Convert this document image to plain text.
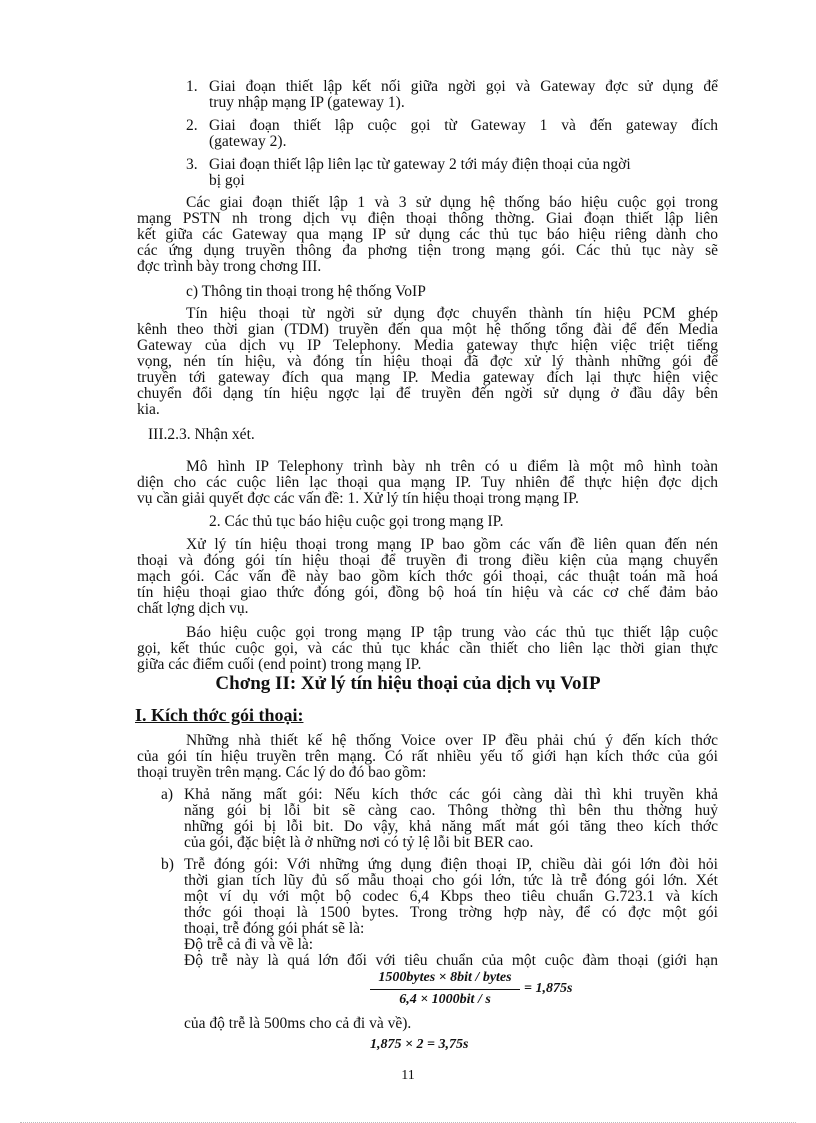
1. Giai đoạn thiết lập kết nối giữa ngời gọi và Gateway đợc sử dụng để
truy nhập mạng IP (gateway 1).
2. Giai đoạn thiết lập cuộc gọi từ Gateway 1 và đến gateway đích
(gateway 2).
3. Giai đoạn thiết lập liên lạc từ gateway 2 tới máy điện thoại của ngời
bị gọi
Các giai đoạn thiết lập 1 và 3 sử dụng hệ thống báo hiệu cuộc gọi trong
mạng PSTN nh trong dịch vụ điện thoại thông thờng. Giai đoạn thiết lập liên
kết giữa các Gateway qua mạng IP sử dụng các thủ tục báo hiệu riêng dành cho
các ứng dụng truyền thông đa phơng tiện trong mạng gói. Các thủ tục này sẽ
đợc trình bày trong chơng III.
c) Thông tin thoại trong hệ thống VoIP
Tín hiệu thoại từ ngời sử dụng đợc chuyển thành tín hiệu PCM ghép
kênh theo thời gian (TDM) truyền đến qua một hệ thống tổng đài để đến Media
Gateway của dịch vụ IP Telephony. Media gateway thực hiện việc triệt tiếng
vọng, nén tín hiệu, và đóng tín hiệu thoại đã đợc xử lý thành những gói để
truyền tới gateway đích qua mạng IP. Media gateway đích lại thực hiện việc
chuyển đổi dạng tín hiệu ngợc lại để truyền đến ngời sử dụng ở đầu dây bên
kia.
III.2.3. Nhận xét.
Mô hình IP Telephony trình bày nh trên có u điểm là một mô hình toàn
diện cho các cuộc liên lạc thoại qua mạng IP. Tuy nhiên để thực hiện đợc dịch
vụ cần giải quyết đợc các vấn đề: 1. Xử lý tín hiệu thoại trong mạng IP.
2. Các thủ tục báo hiệu cuộc gọi trong mạng IP.
Xử lý tín hiệu thoại trong mạng IP bao gồm các vấn đề liên quan đến nén
thoại và đóng gói tín hiệu thoại để truyền đi trong điều kiện của mạng chuyển
mạch gói. Các vấn đề này bao gồm kích thớc gói thoại, các thuật toán mã hoá
tín hiệu thoại giao thức đóng gói, đồng bộ hoá tín hiệu và các cơ chế đảm bảo
chất lợng dịch vụ.
Báo hiệu cuộc gọi trong mạng IP tập trung vào các thủ tục thiết lập cuộc
gọi, kết thúc cuộc gọi, và các thủ tục khác cần thiết cho liên lạc thời gian thực
giữa các điểm cuối (end point) trong mạng IP.
Chơng II: Xử lý tín hiệu thoại của dịch vụ VoIP
I. Kích thớc gói thoại:
Những nhà thiết kế hệ thống Voice over IP đều phải chú ý đến kích thớc
của gói tín hiệu truyền trên mạng. Có rất nhiều yếu tố giới hạn kích thớc của gói
thoại truyền trên mạng. Các lý do đó bao gồm:
a) Khả năng mất gói: Nếu kích thớc các gói càng dài thì khi truyền khả
năng gói bị lỗi bit sẽ càng cao. Thông thờng thì bên thu thờng huỷ
những gói bị lỗi bit. Do vậy, khả năng mất mát gói tăng theo kích thớc
của gói, đặc biệt là ở những nơi có tỷ lệ lỗi bit BER cao.
b) Trễ đóng gói: Với những ứng dụng điện thoại IP, chiều dài gói lớn đòi hỏi
thời gian tích lũy đủ số mẫu thoại cho gói lớn, tức là trễ đóng gói lớn. Xét
một ví dụ với một bộ codec 6,4 Kbps theo tiêu chuẩn G.723.1 và kích
thớc gói thoại là 1500 bytes. Trong trờng hợp này, để có đợc một gói
thoại, trễ đóng gói phát sẽ là:
Độ trễ cả đi và về là:
Độ trễ này là quá lớn đối với tiêu chuẩn của một cuộc đàm thoại (giới hạn
1500bytes × 8bit / bytes
6,4 × 1000bit / s
= 1,875s
của độ trễ là 500ms cho cả đi và về).
1,875 × 2 = 3,75s
11
